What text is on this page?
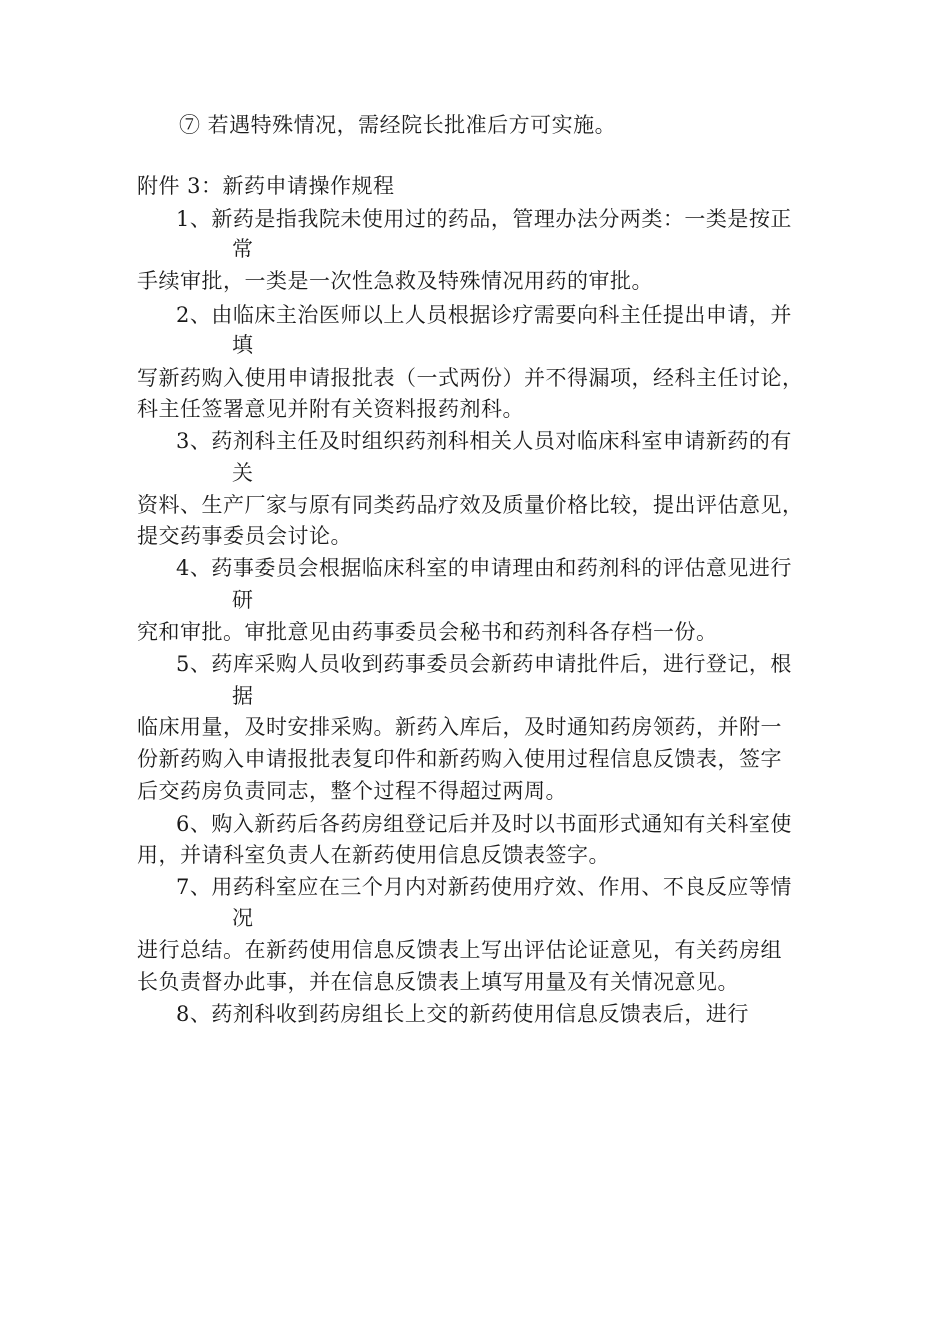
⑦ 若遇特殊情况，需经院长批准后方可实施。
附件 3：新药申请操作规程
1、新药是指我院未使用过的药品，管理办法分两类：一类是按正
常
手续审批，一类是一次性急救及特殊情况用药的审批。
2、由临床主治医师以上人员根据诊疗需要向科主任提出申请，并
填
写新药购入使用申请报批表（一式两份）并不得漏项，经科主任讨论，
科主任签署意见并附有关资料报药剂科。
3、药剂科主任及时组织药剂科相关人员对临床科室申请新药的有
关
资料、生产厂家与原有同类药品疗效及质量价格比较，提出评估意见，
提交药事委员会讨论。
4、药事委员会根据临床科室的申请理由和药剂科的评估意见进行
研
究和审批。审批意见由药事委员会秘书和药剂科各存档一份。
5、药库采购人员收到药事委员会新药申请批件后，进行登记，根
据
临床用量，及时安排采购。新药入库后，及时通知药房领药，并附一
份新药购入申请报批表复印件和新药购入使用过程信息反馈表，签字
后交药房负责同志，整个过程不得超过两周。
6、购入新药后各药房组登记后并及时以书面形式通知有关科室使
用，并请科室负责人在新药使用信息反馈表签字。
7、用药科室应在三个月内对新药使用疗效、作用、不良反应等情
况
进行总结。在新药使用信息反馈表上写出评估论证意见，有关药房组
长负责督办此事，并在信息反馈表上填写用量及有关情况意见。
8、药剂科收到药房组长上交的新药使用信息反馈表后，进行
